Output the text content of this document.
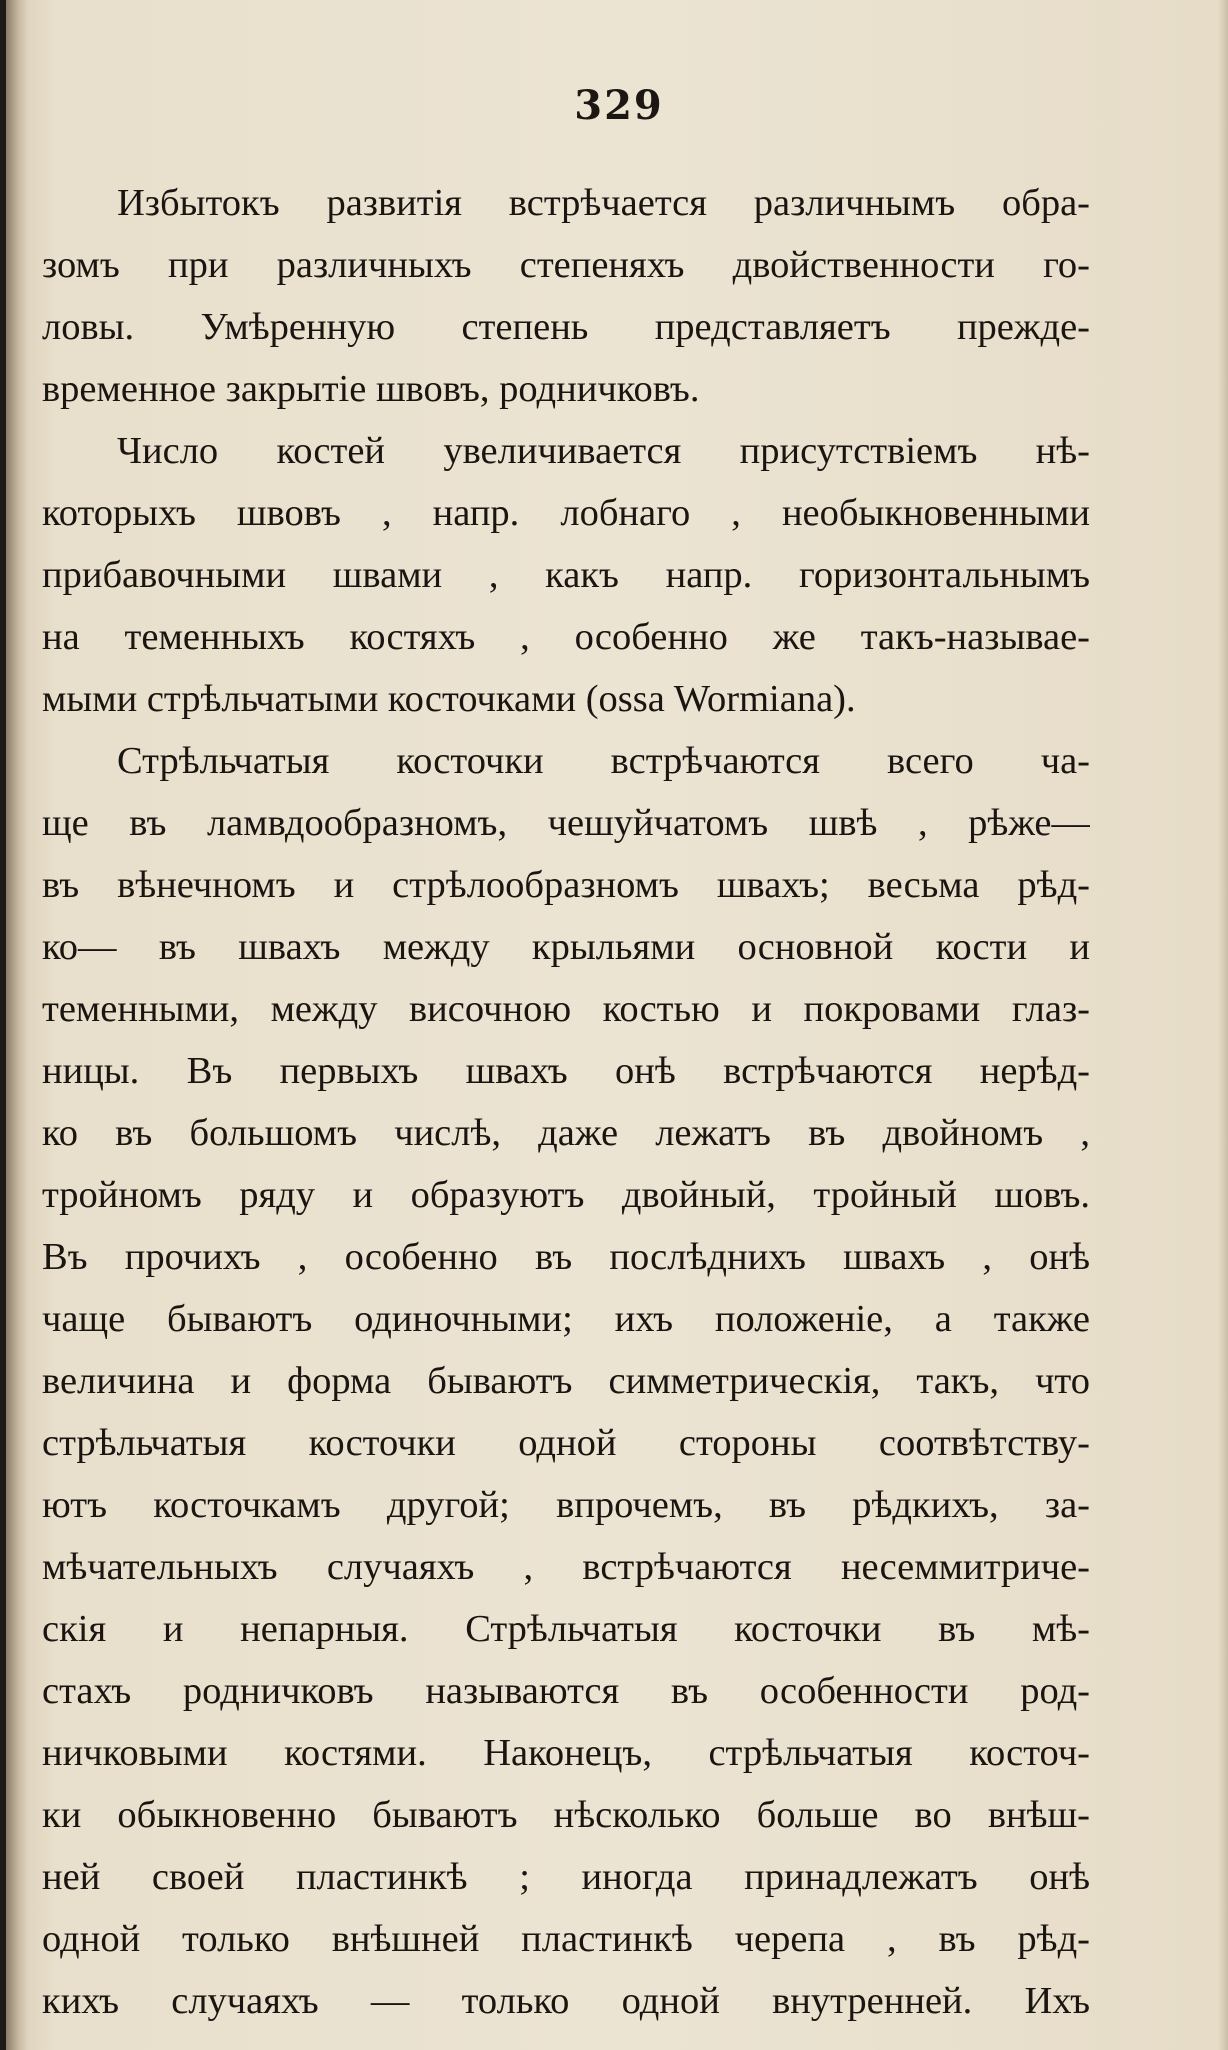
329
Избытокъ развитія встрѣчается различнымъ обра-
зомъ при различныхъ степеняхъ двойственности го-
ловы. Умѣренную степень представляетъ прежде-
временное закрытіе швовъ, родничковъ.
Число костей увеличивается присутствіемъ нѣ-
которыхъ швовъ , напр. лобнаго , необыкновенными
прибавочными швами , какъ напр. горизонтальнымъ
на теменныхъ костяхъ , особенно же такъ-называе-
мыми стрѣльчатыми косточками (ossa Wormiana).
Стрѣльчатыя косточки встрѣчаются всего ча-
ще въ ламвдообразномъ, чешуйчатомъ швѣ , рѣже—
въ вѣнечномъ и стрѣлообразномъ швахъ; весьма рѣд-
ко— въ швахъ между крыльями основной кости и
теменными, между височною костью и покровами глаз-
ницы. Въ первыхъ швахъ онѣ встрѣчаются нерѣд-
ко въ большомъ числѣ, даже лежатъ въ двойномъ ,
тройномъ ряду и образуютъ двойный, тройный шовъ.
Въ прочихъ , особенно въ послѣднихъ швахъ , онѣ
чаще бываютъ одиночными; ихъ положеніе, а также
величина и форма бываютъ симметрическія, такъ, что
стрѣльчатыя косточки одной стороны соотвѣтству-
ютъ косточкамъ другой; впрочемъ, въ рѣдкихъ, за-
мѣчательныхъ случаяхъ , встрѣчаются несеммитриче-
скія и непарныя. Стрѣльчатыя косточки въ мѣ-
стахъ родничковъ называются въ особенности род-
ничковыми костями. Наконецъ, стрѣльчатыя косточ-
ки обыкновенно бываютъ нѣсколько больше во внѣш-
ней своей пластинкѣ ; иногда принадлежатъ онѣ
одной только внѣшней пластинкѣ черепа , въ рѣд-
кихъ случаяхъ — только одной внутренней. Ихъ
